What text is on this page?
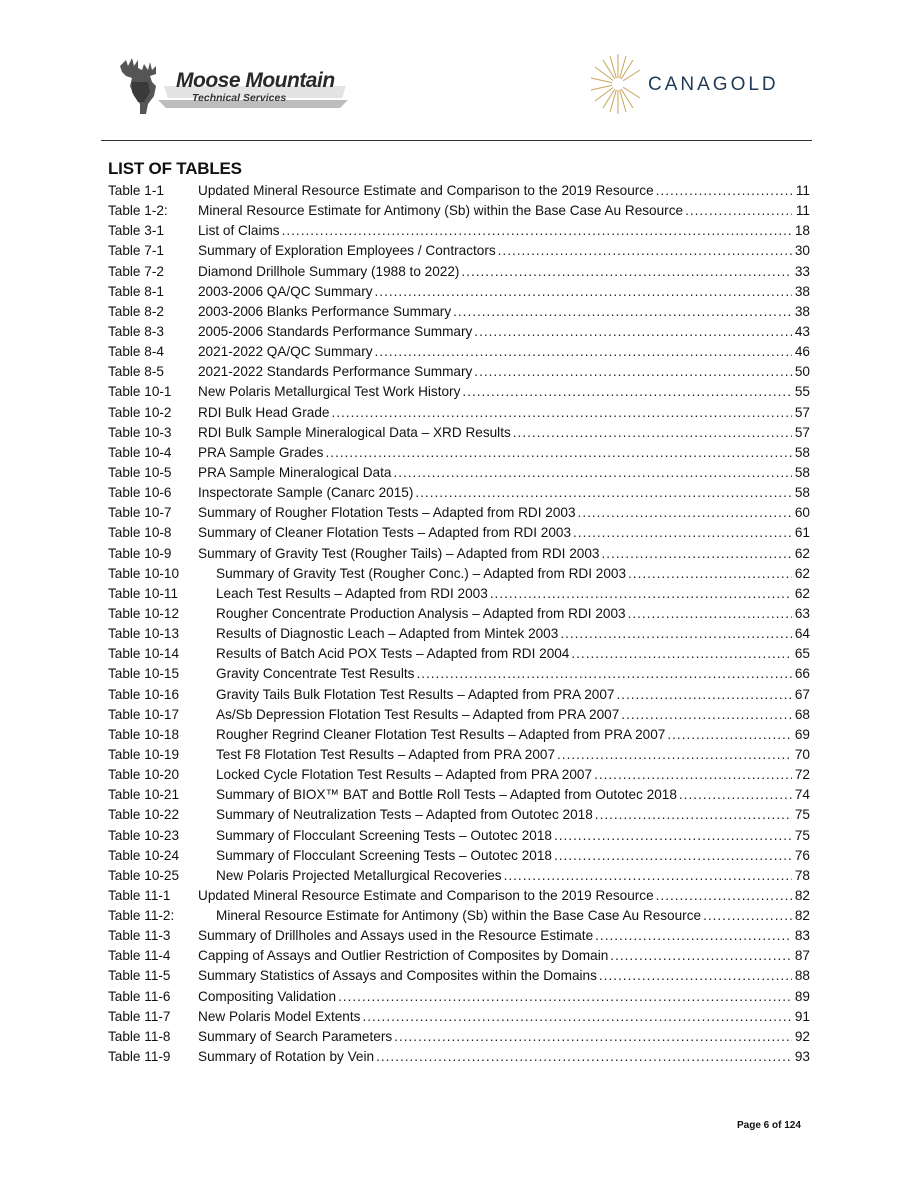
Moose Mountain
Technical Services
CANAGOLD
LIST OF TABLES
Table 1-1	Updated Mineral Resource Estimate and Comparison to the 2019 Resource .....	11
Table 1-2:	Mineral Resource Estimate for Antimony (Sb) within the Base Case Au Resource .....	11
Table 3-1	List of Claims .....	18
Table 7-1	Summary of Exploration Employees / Contractors .....	30
Table 7-2	Diamond Drillhole Summary (1988 to 2022) .....	33
Table 8-1	2003-2006 QA/QC Summary .....	38
Table 8-2	2003-2006 Blanks Performance Summary .....	38
Table 8-3	2005-2006 Standards Performance Summary .....	43
Table 8-4	2021-2022 QA/QC Summary .....	46
Table 8-5	2021-2022 Standards Performance Summary .....	50
Table 10-1	New Polaris Metallurgical Test Work History .....	55
Table 10-2	RDI Bulk Head Grade .....	57
Table 10-3	RDI Bulk Sample Mineralogical Data – XRD Results .....	57
Table 10-4	PRA Sample Grades .....	58
Table 10-5	PRA Sample Mineralogical Data .....	58
Table 10-6	Inspectorate Sample (Canarc 2015) .....	58
Table 10-7	Summary of Rougher Flotation Tests – Adapted from RDI 2003 .....	60
Table 10-8	Summary of Cleaner Flotation Tests – Adapted from RDI 2003 .....	61
Table 10-9	Summary of Gravity Test (Rougher Tails) – Adapted from RDI 2003 .....	62
Table 10-10	Summary of Gravity Test (Rougher Conc.) – Adapted from RDI 2003 .....	62
Table 10-11	Leach Test Results – Adapted from RDI 2003 .....	62
Table 10-12	Rougher Concentrate Production Analysis – Adapted from RDI 2003 .....	63
Table 10-13	Results of Diagnostic Leach – Adapted from Mintek 2003 .....	64
Table 10-14	Results of Batch Acid POX Tests – Adapted from RDI 2004 .....	65
Table 10-15	Gravity Concentrate Test Results .....	66
Table 10-16	Gravity Tails Bulk Flotation Test Results – Adapted from PRA 2007 .....	67
Table 10-17	As/Sb Depression Flotation Test Results – Adapted from PRA 2007 .....	68
Table 10-18	Rougher Regrind Cleaner Flotation Test Results – Adapted from PRA 2007 .....	69
Table 10-19	Test F8 Flotation Test Results – Adapted from PRA 2007 .....	70
Table 10-20	Locked Cycle Flotation Test Results – Adapted from PRA 2007 .....	72
Table 10-21	Summary of BIOX™ BAT and Bottle Roll Tests – Adapted from Outotec 2018 .....	74
Table 10-22	Summary of Neutralization Tests – Adapted from Outotec 2018 .....	75
Table 10-23	Summary of Flocculant Screening Tests – Outotec 2018 .....	75
Table 10-24	Summary of Flocculant Screening Tests – Outotec 2018 .....	76
Table 10-25	New Polaris Projected Metallurgical Recoveries .....	78
Table 11-1	Updated Mineral Resource Estimate and Comparison to the 2019 Resource .....	82
Table 11-2:	Mineral Resource Estimate for Antimony (Sb) within the Base Case Au Resource .....	82
Table 11-3	Summary of Drillholes and Assays used in the Resource Estimate .....	83
Table 11-4	Capping of Assays and Outlier Restriction of Composites by Domain .....	87
Table 11-5	Summary Statistics of Assays and Composites within the Domains .....	88
Table 11-6	Compositing Validation .....	89
Table 11-7	New Polaris Model Extents .....	91
Table 11-8	Summary of Search Parameters .....	92
Table 11-9	Summary of Rotation by Vein .....	93
Page 6 of 124
